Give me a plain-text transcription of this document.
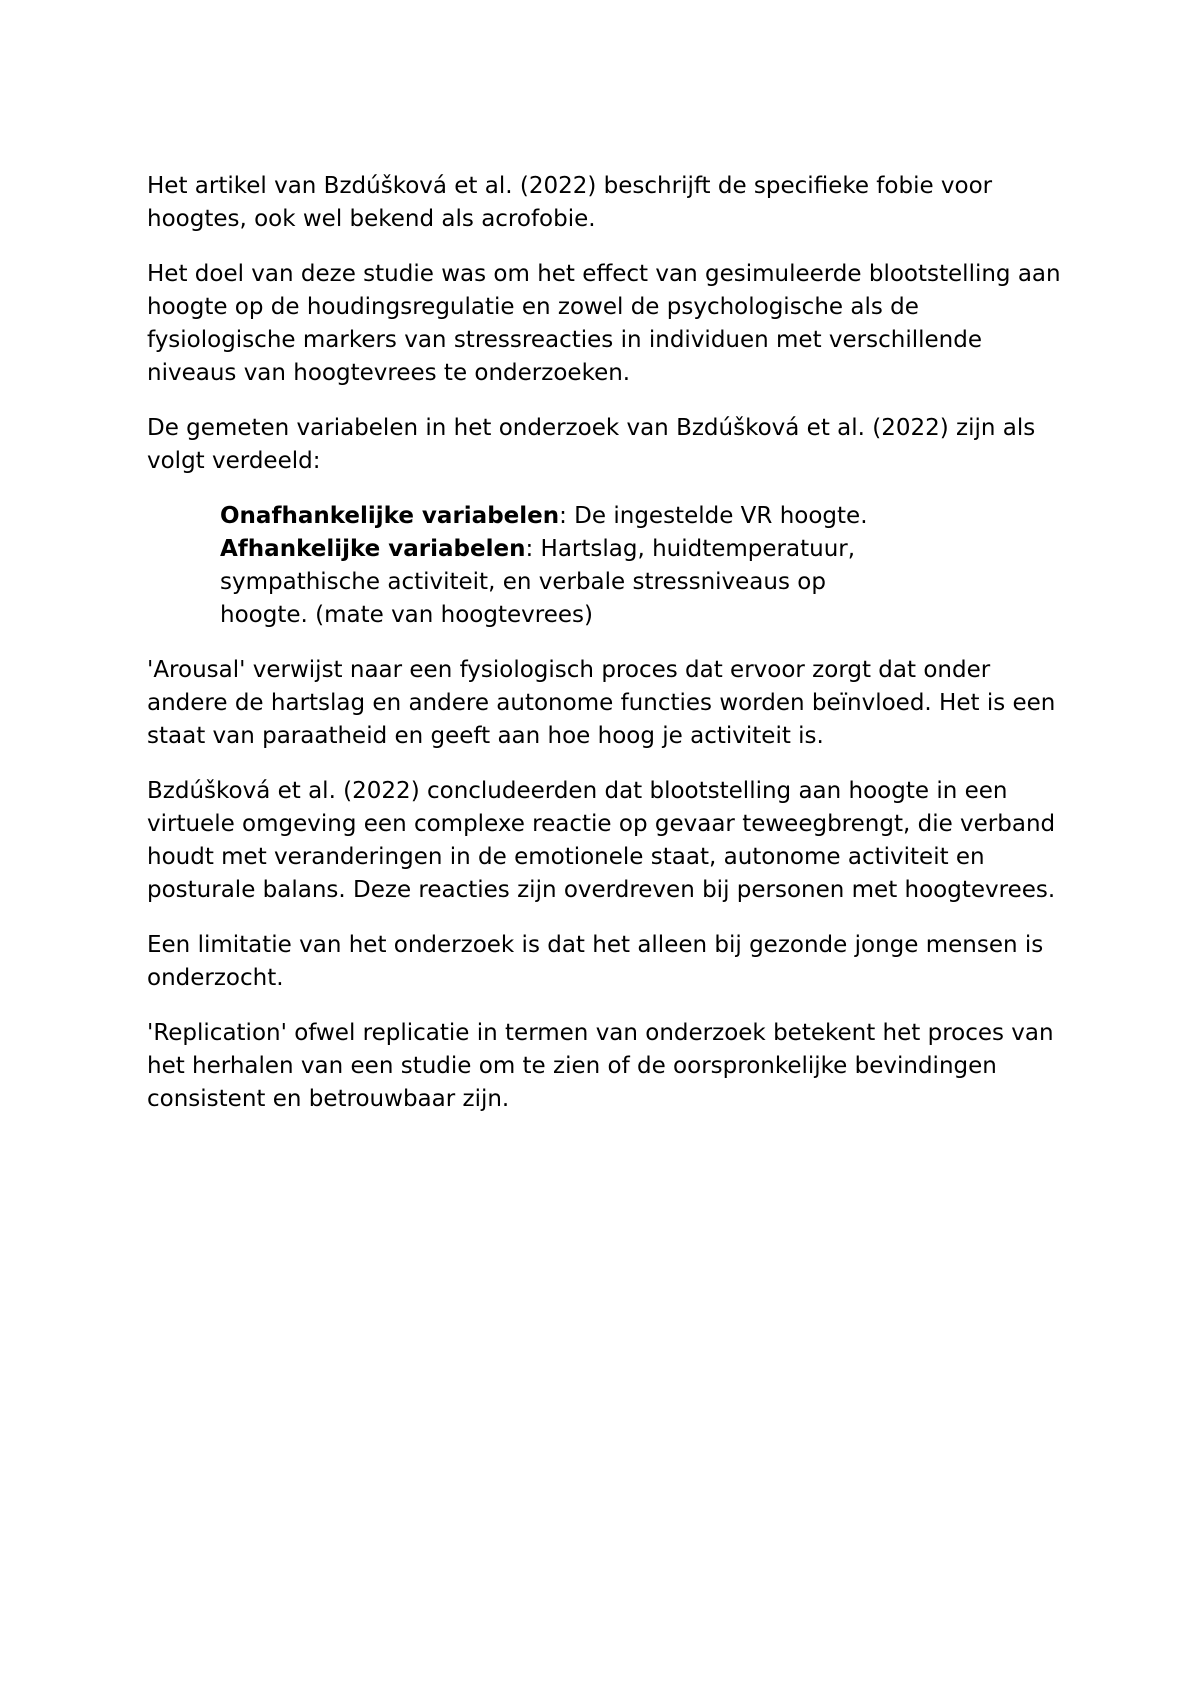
Het artikel van Bzdúšková et al. (2022) beschrijft de specifieke fobie voor hoogtes, ook wel bekend als acrofobie.

Het doel van deze studie was om het effect van gesimuleerde blootstelling aan hoogte op de houdingsregulatie en zowel de psychologische als de fysiologische markers van stressreacties in individuen met verschillende niveaus van hoogtevrees te onderzoeken.

De gemeten variabelen in het onderzoek van Bzdúšková et al. (2022) zijn als volgt verdeeld:

Onafhankelijke variabelen: De ingestelde VR hoogte.
Afhankelijke variabelen: Hartslag, huidtemperatuur, sympathische activiteit, en verbale stressniveaus op hoogte. (mate van hoogtevrees)

'Arousal' verwijst naar een fysiologisch proces dat ervoor zorgt dat onder andere de hartslag en andere autonome functies worden beïnvloed. Het is een staat van paraatheid en geeft aan hoe hoog je activiteit is.

Bzdúšková et al. (2022) concludeerden dat blootstelling aan hoogte in een virtuele omgeving een complexe reactie op gevaar teweegbrengt, die verband houdt met veranderingen in de emotionele staat, autonome activiteit en posturale balans. Deze reacties zijn overdreven bij personen met hoogtevrees.

Een limitatie van het onderzoek is dat het alleen bij gezonde jonge mensen is onderzocht.

'Replication' ofwel replicatie in termen van onderzoek betekent het proces van het herhalen van een studie om te zien of de oorspronkelijke bevindingen consistent en betrouwbaar zijn.
